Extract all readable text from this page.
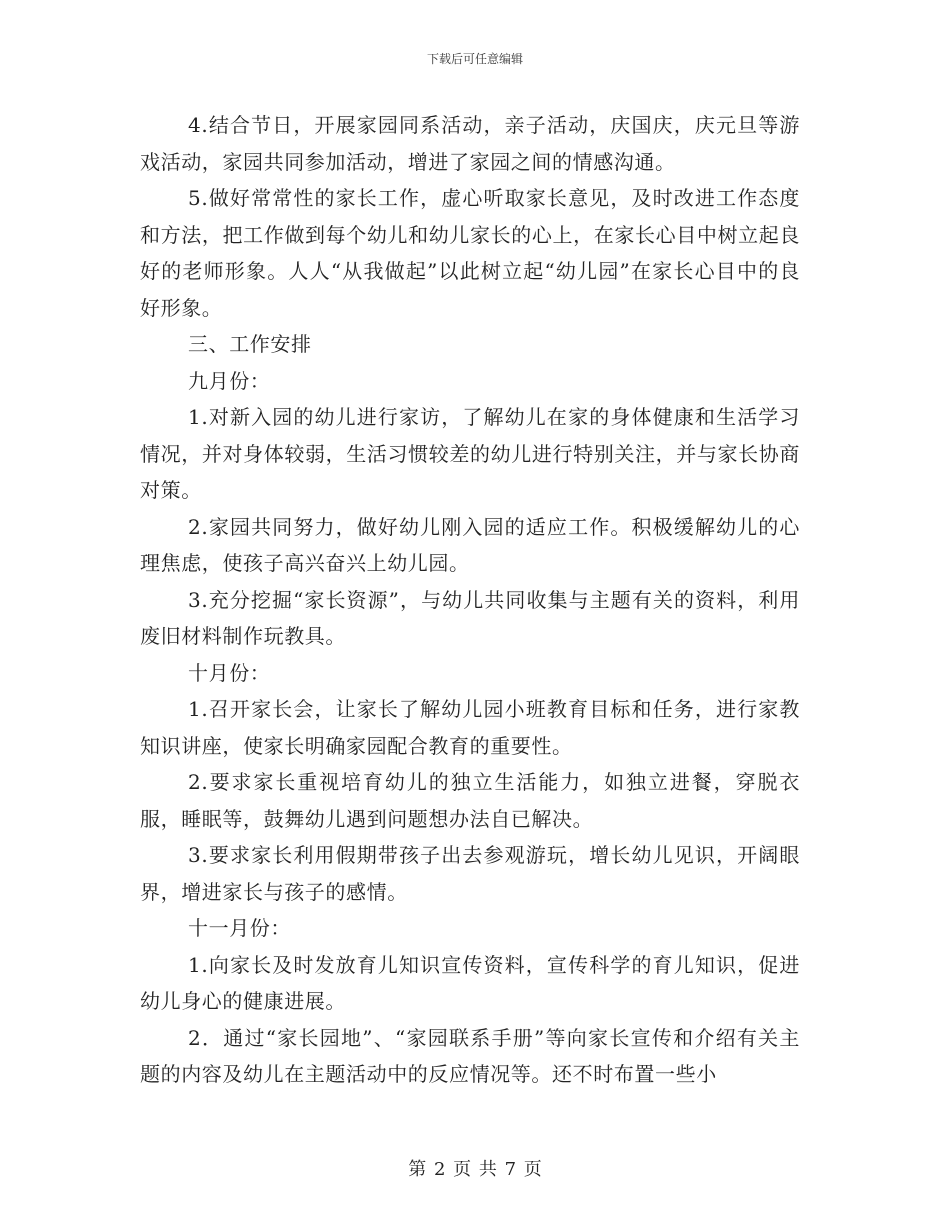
下载后可任意编辑

4.结合节日，开展家园同系活动，亲子活动，庆国庆，庆元旦等游戏活动，家园共同参加活动，增进了家园之间的情感沟通。

5.做好常常性的家长工作，虚心听取家长意见，及时改进工作态度和方法，把工作做到每个幼儿和幼儿家长的心上，在家长心目中树立起良好的老师形象。人人“从我做起”以此树立起“幼儿园”在家长心目中的良好形象。

三、工作安排

九月份：

1.对新入园的幼儿进行家访，了解幼儿在家的身体健康和生活学习情况，并对身体较弱，生活习惯较差的幼儿进行特别关注，并与家长协商对策。

2.家园共同努力，做好幼儿刚入园的适应工作。积极缓解幼儿的心理焦虑，使孩子高兴奋兴上幼儿园。

3.充分挖掘“家长资源”，与幼儿共同收集与主题有关的资料，利用废旧材料制作玩教具。

十月份：

1.召开家长会，让家长了解幼儿园小班教育目标和任务，进行家教知识讲座，使家长明确家园配合教育的重要性。

2.要求家长重视培育幼儿的独立生活能力，如独立进餐，穿脱衣服，睡眠等，鼓舞幼儿遇到问题想办法自已解决。

3.要求家长利用假期带孩子出去参观游玩，增长幼儿见识，开阔眼界，增进家长与孩子的感情。

十一月份：

1.向家长及时发放育儿知识宣传资料，宣传科学的育儿知识，促进幼儿身心的健康进展。

2．通过“家长园地”、“家园联系手册”等向家长宣传和介绍有关主题的内容及幼儿在主题活动中的反应情况等。还不时布置一些小

第 2 页 共 7 页
